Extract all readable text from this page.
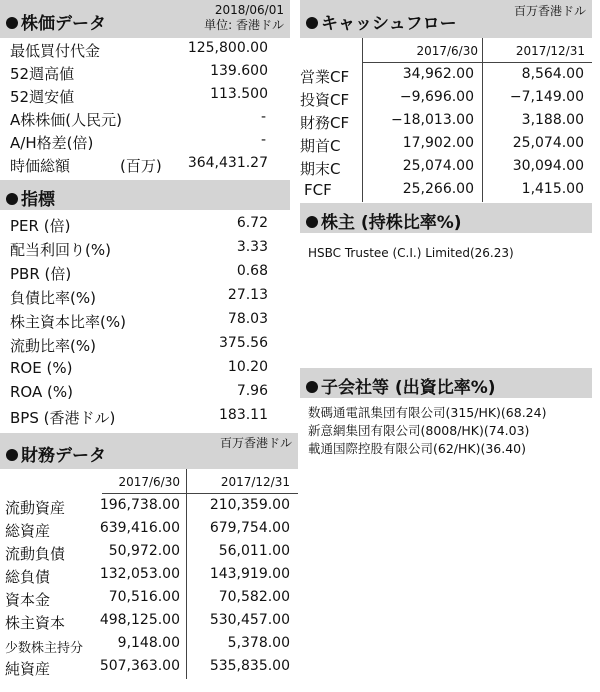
株価データ
2018/06/01
単位: 香港ドル
最低買付代金	125,800.00
52週高値	139.600
52週安値	113.500
A株株価(人民元)	-
A/H格差(倍)	-
時価総額	(百万) 364,431.27
指標
PER (倍)	6.72
配当利回り(%)	3.33
PBR (倍)	0.68
負債比率(%)	27.13
株主資本比率(%)	78.03
流動比率(%)	375.56
ROE (%)	10.20
ROA (%)	7.96
BPS (香港ドル)	183.11
財務データ
百万香港ドル
2017/6/30	2017/12/31
流動資産 196,738.00 210,359.00
総資産	639,416.00 679,754.00
流動負債	50,972.00	56,011.00
総負債	132,053.00 143,919.00
資本金	70,516.00	70,582.00
株主資本 498,125.00 530,457.00
少数株主持分 9,148.00	5,378.00
純資産	507,363.00 535,835.00
キャッシュフロー
百万香港ドル
2017/6/30	2017/12/31
営業CF	34,962.00	8,564.00
投資CF	−9,696.00	−7,149.00
財務CF	−18,013.00	3,188.00
期首C	17,902.00	25,074.00
期末C	25,074.00	30,094.00
FCF	25,266.00	1,415.00
株主 (持株比率%)
HSBC Trustee (C.I.) Limited(26.23)
子会社等 (出資比率%)
数碼通電訊集団有限公司(315/HK)(68.24)
新意網集団有限公司(8008/HK)(74.03)
載通国際控股有限公司(62/HK)(36.40)
